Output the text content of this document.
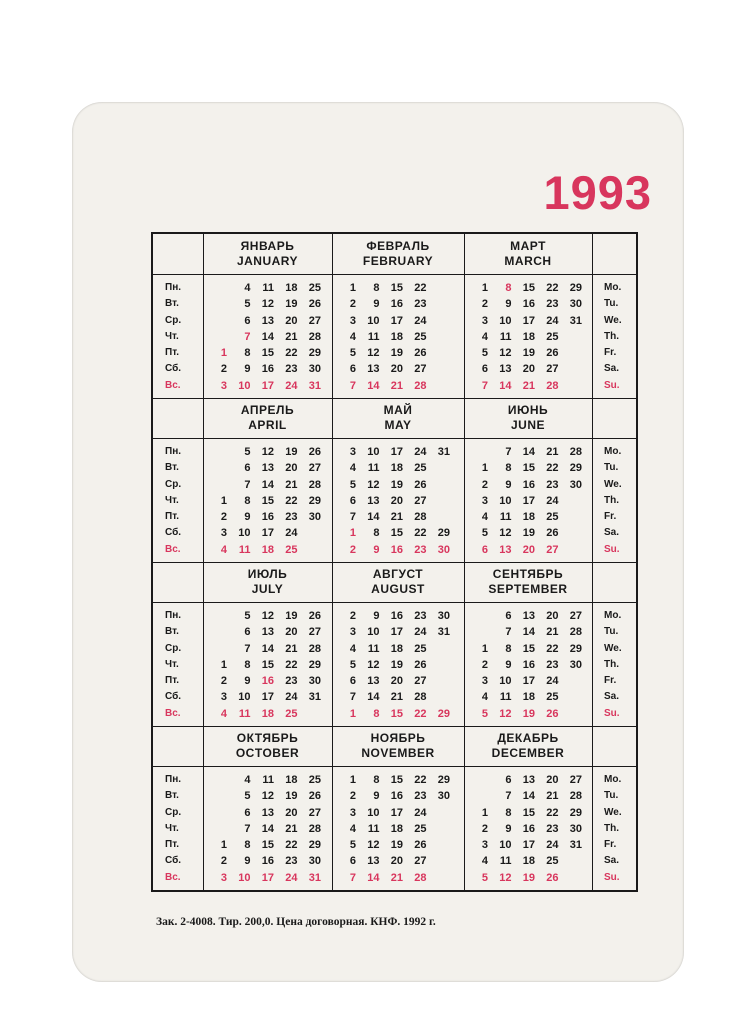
1993
Пн.
Вт.
Ср.
Чт.
Пт.
Сб.
Вс.
Mo.
Tu.
We.
Th.
Fr.
Sa.
Su.
Пн.
Вт.
Ср.
Чт.
Пт.
Сб.
Вс.
Mo.
Tu.
We.
Th.
Fr.
Sa.
Su.
Пн.
Вт.
Ср.
Чт.
Пт.
Сб.
Вс.
Mo.
Tu.
We.
Th.
Fr.
Sa.
Su.
Пн.
Вт.
Ср.
Чт.
Пт.
Сб.
Вс.
Mo.
Tu.
We.
Th.
Fr.
Sa.
Su.
ЯНВАРЬ
JANUARY
1
2
3
4
5
6
7
8
9
10
11
12
13
14
15
16
17
18
19
20
21
22
23
24
25
26
27
28
29
30
31
ФЕВРАЛЬ
FEBRUARY
1
2
3
4
5
6
7
8
9
10
11
12
13
14
15
16
17
18
19
20
21
22
23
24
25
26
27
28
МАРТ
MARCH
1
2
3
4
5
6
7
8
9
10
11
12
13
14
15
16
17
18
19
20
21
22
23
24
25
26
27
28
29
30
31
АПРЕЛЬ
APRIL
1
2
3
4
5
6
7
8
9
10
11
12
13
14
15
16
17
18
19
20
21
22
23
24
25
26
27
28
29
30
МАЙ
MAY
3
4
5
6
7
1
2
10
11
12
13
14
8
9
17
18
19
20
21
15
16
24
25
26
27
28
22
23
31
29
30
ИЮНЬ
JUNE
1
2
3
4
5
6
7
8
9
10
11
12
13
14
15
16
17
18
19
20
21
22
23
24
25
26
27
28
29
30
ИЮЛЬ
JULY
1
2
3
4
5
6
7
8
9
10
11
12
13
14
15
16
17
18
19
20
21
22
23
24
25
26
27
28
29
30
31
АВГУСТ
AUGUST
2
3
4
5
6
7
1
9
10
11
12
13
14
8
16
17
18
19
20
21
15
23
24
25
26
27
28
22
30
31
29
СЕНТЯБРЬ
SEPTEMBER
1
2
3
4
5
6
7
8
9
10
11
12
13
14
15
16
17
18
19
20
21
22
23
24
25
26
27
28
29
30
ОКТЯБРЬ
OCTOBER
1
2
3
4
5
6
7
8
9
10
11
12
13
14
15
16
17
18
19
20
21
22
23
24
25
26
27
28
29
30
31
НОЯБРЬ
NOVEMBER
1
2
3
4
5
6
7
8
9
10
11
12
13
14
15
16
17
18
19
20
21
22
23
24
25
26
27
28
29
30
ДЕКАБРЬ
DECEMBER
1
2
3
4
5
6
7
8
9
10
11
12
13
14
15
16
17
18
19
20
21
22
23
24
25
26
27
28
29
30
31
Зак. 2-4008. Тир. 200,0. Цена договорная. КНФ. 1992 г.
